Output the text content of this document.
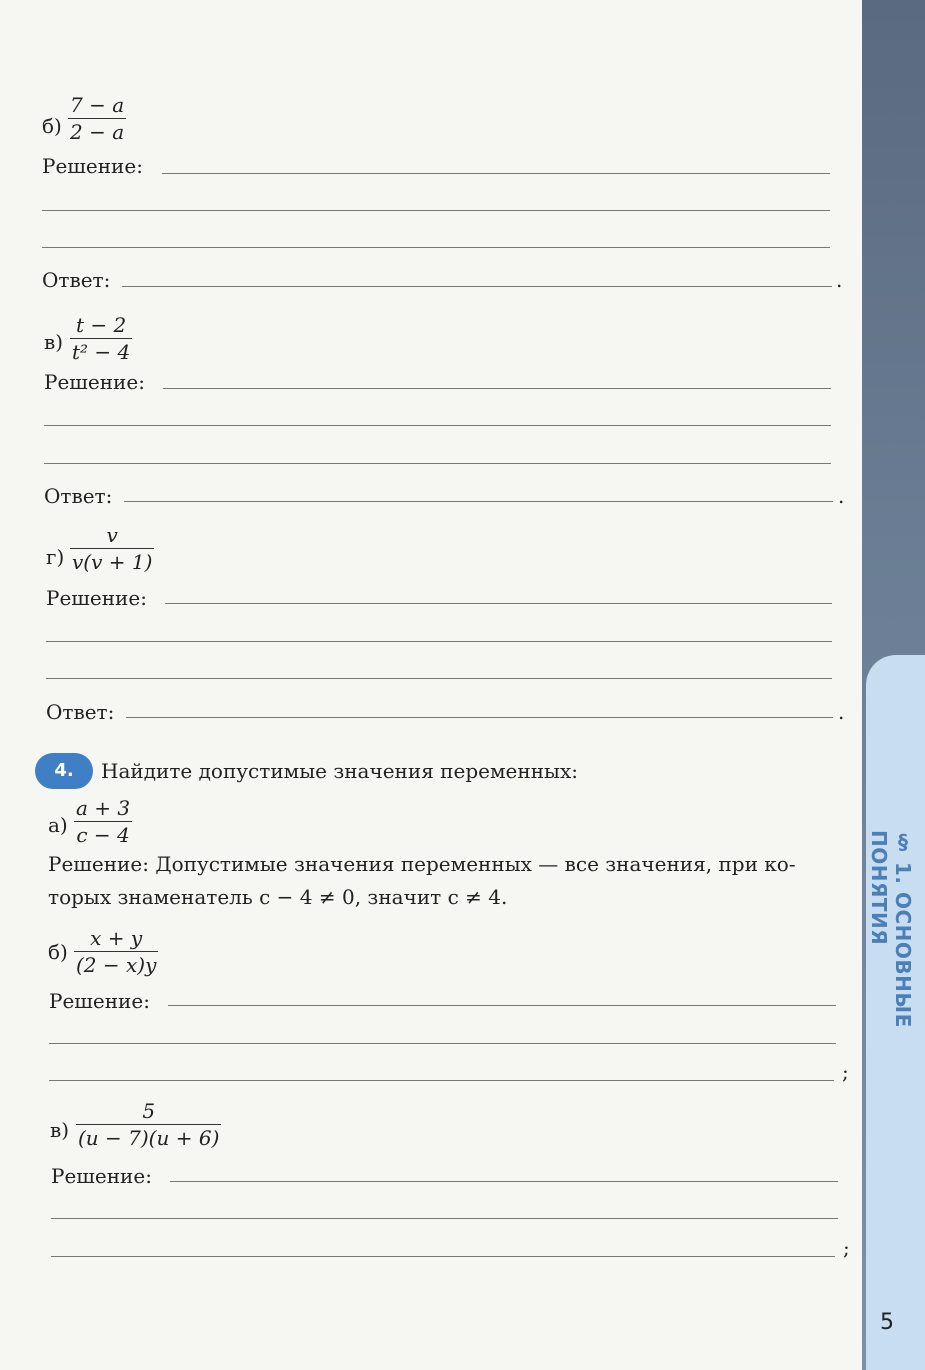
§ 1. ОСНОВНЫЕ ПОНЯТИЯ
5
$б) \frac{7 - a}{2 - a}$
Решение:
Ответ:	.
$в) \frac{t - 2}{\text{t² − 4}}$
Решение:
Ответ:	.
$г) \frac{v}{v(v + 1)}$
Решение:
Ответ:	.
4.	Найдите допустимые значения переменных:
$а) \frac{a + 3}{c - 4}$
Решение: Допустимые значения переменных — все значения, при ко-
торых знаменатель c − 4 ≠ 0, значит c ≠ 4.
$б) \frac{x + y}{(2 - x)y}$
Решение:
;
$в) \frac{5}{(u - 7)(u + 6)}$
Решение:
;
